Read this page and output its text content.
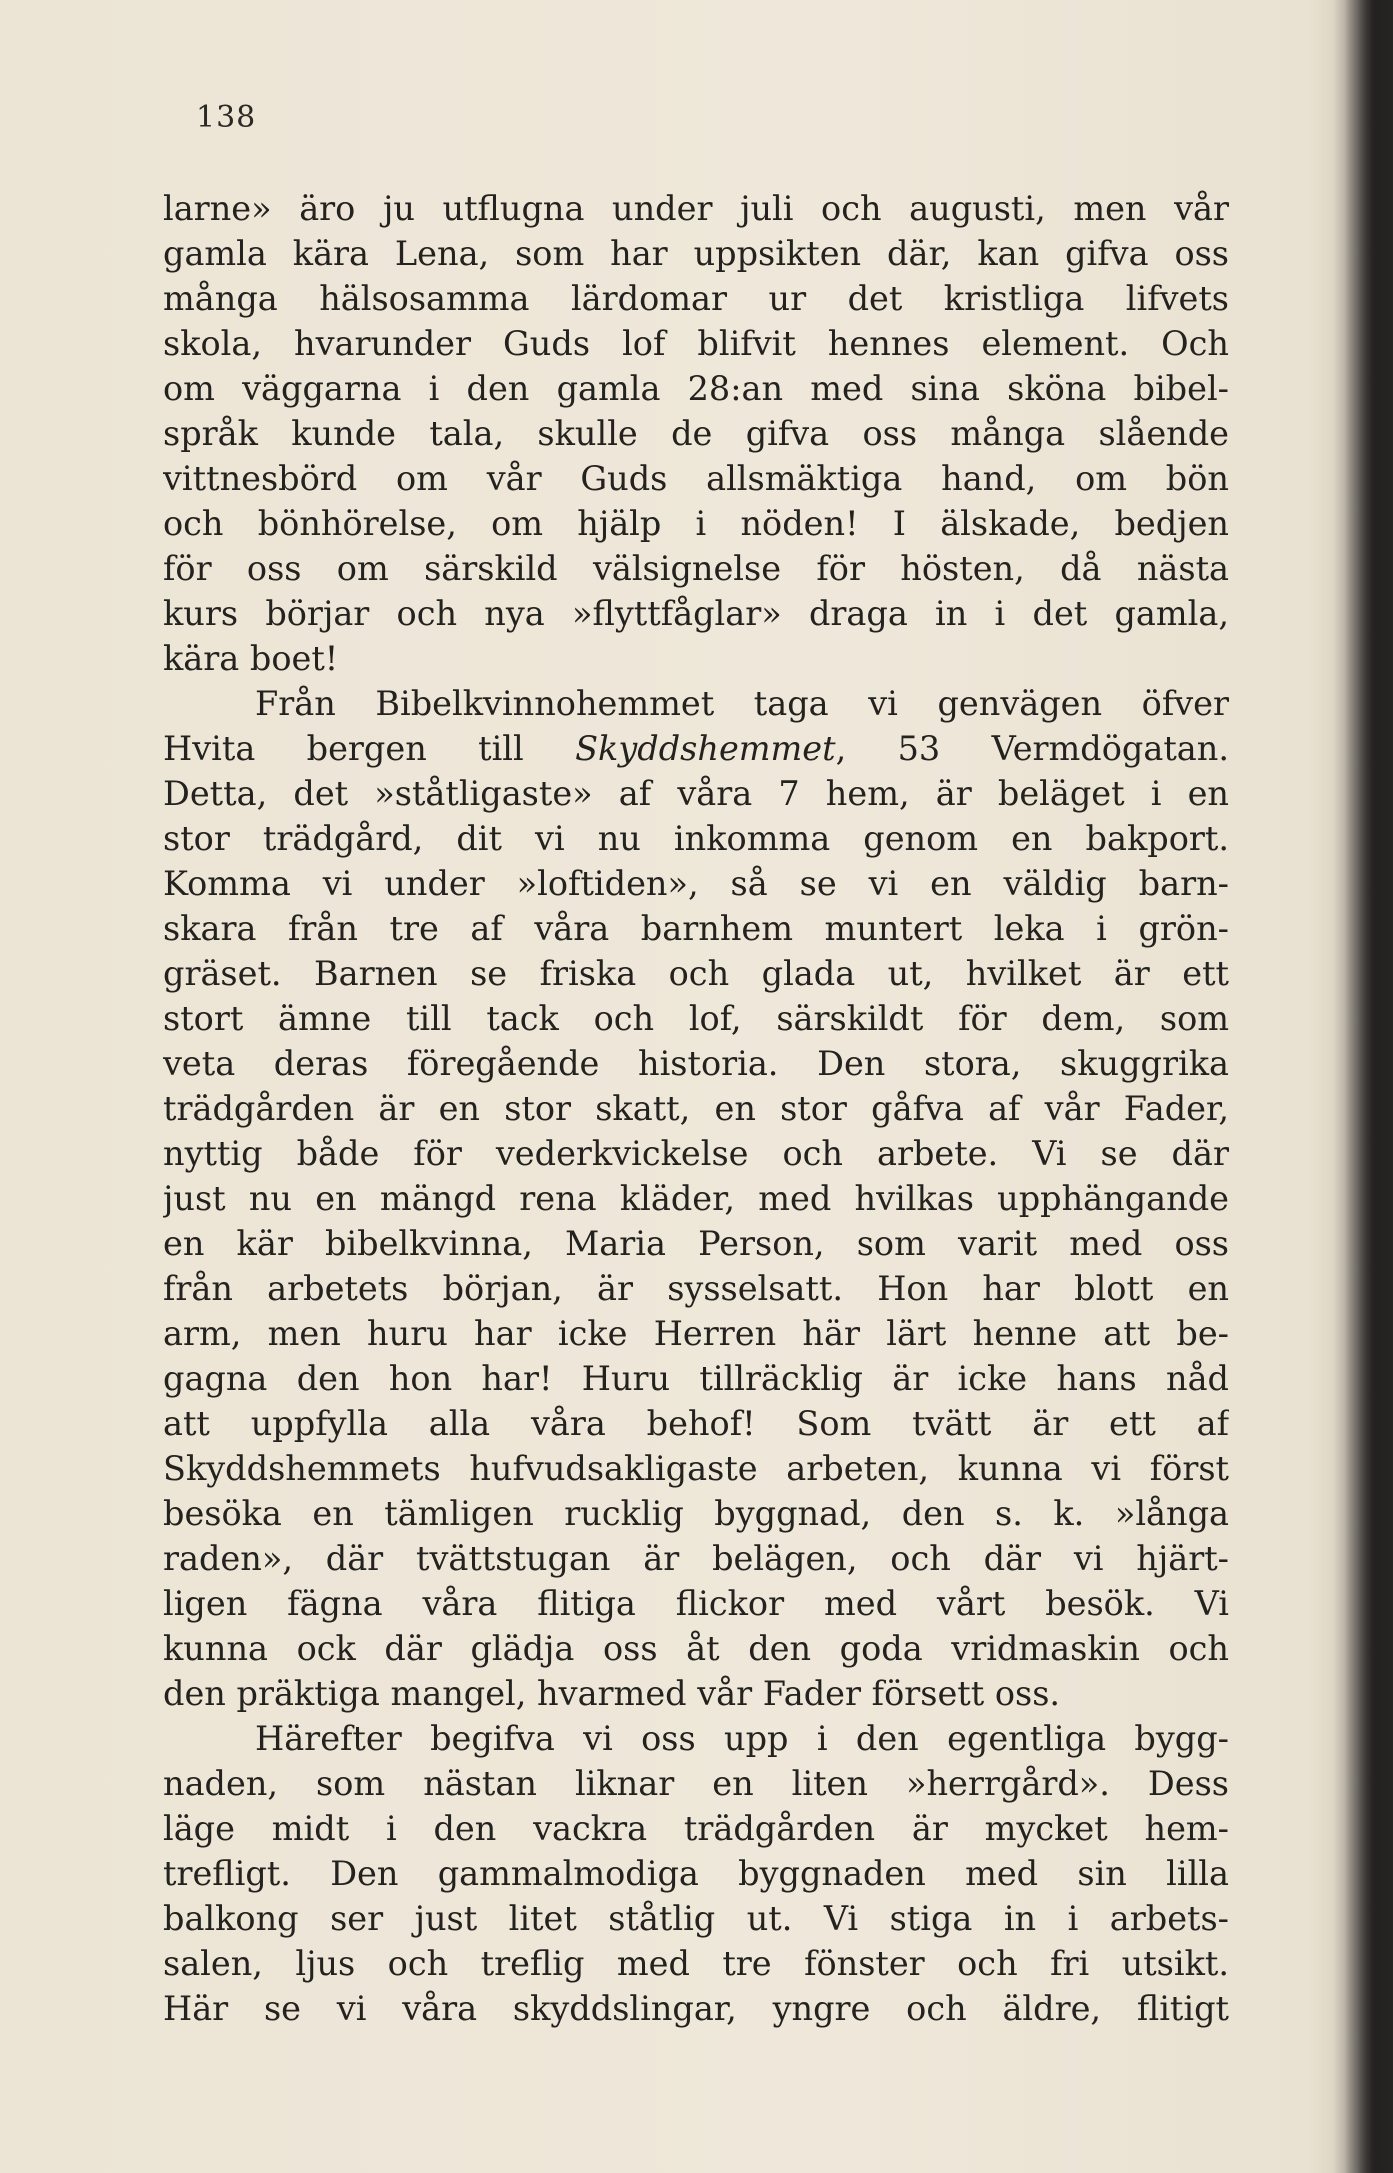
138
larne» äro ju utflugna under juli och augusti, men vår
gamla kära Lena, som har uppsikten där, kan gifva oss
många hälsosamma lärdomar ur det kristliga lifvets
skola, hvarunder Guds lof blifvit hennes element. Och
om väggarna i den gamla 28:an med sina sköna bibel-
språk kunde tala, skulle de gifva oss många slående
vittnesbörd om vår Guds allsmäktiga hand, om bön
och bönhörelse, om hjälp i nöden! I älskade, bedjen
för oss om särskild välsignelse för hösten, då nästa
kurs börjar och nya »flyttfåglar» draga in i det gamla,
kära boet!
Från Bibelkvinnohemmet taga vi genvägen öfver
Hvita bergen till Skyddshemmet, 53 Vermdögatan.
Detta, det »ståtligaste» af våra 7 hem, är beläget i en
stor trädgård, dit vi nu inkomma genom en bakport.
Komma vi under »loftiden», så se vi en väldig barn-
skara från tre af våra barnhem muntert leka i grön-
gräset. Barnen se friska och glada ut, hvilket är ett
stort ämne till tack och lof, särskildt för dem, som
veta deras föregående historia. Den stora, skuggrika
trädgården är en stor skatt, en stor gåfva af vår Fader,
nyttig både för vederkvickelse och arbete. Vi se där
just nu en mängd rena kläder, med hvilkas upphängande
en kär bibelkvinna, Maria Person, som varit med oss
från arbetets början, är sysselsatt. Hon har blott en
arm, men huru har icke Herren här lärt henne att be-
gagna den hon har! Huru tillräcklig är icke hans nåd
att uppfylla alla våra behof! Som tvätt är ett af
Skyddshemmets hufvudsakligaste arbeten, kunna vi först
besöka en tämligen rucklig byggnad, den s. k. »långa
raden», där tvättstugan är belägen, och där vi hjärt-
ligen fägna våra flitiga flickor med vårt besök. Vi
kunna ock där glädja oss åt den goda vridmaskin och
den präktiga mangel, hvarmed vår Fader försett oss.
Härefter begifva vi oss upp i den egentliga bygg-
naden, som nästan liknar en liten »herrgård». Dess
läge midt i den vackra trädgården är mycket hem-
trefligt. Den gammalmodiga byggnaden med sin lilla
balkong ser just litet ståtlig ut. Vi stiga in i arbets-
salen, ljus och treflig med tre fönster och fri utsikt.
Här se vi våra skyddslingar, yngre och äldre, flitigt
